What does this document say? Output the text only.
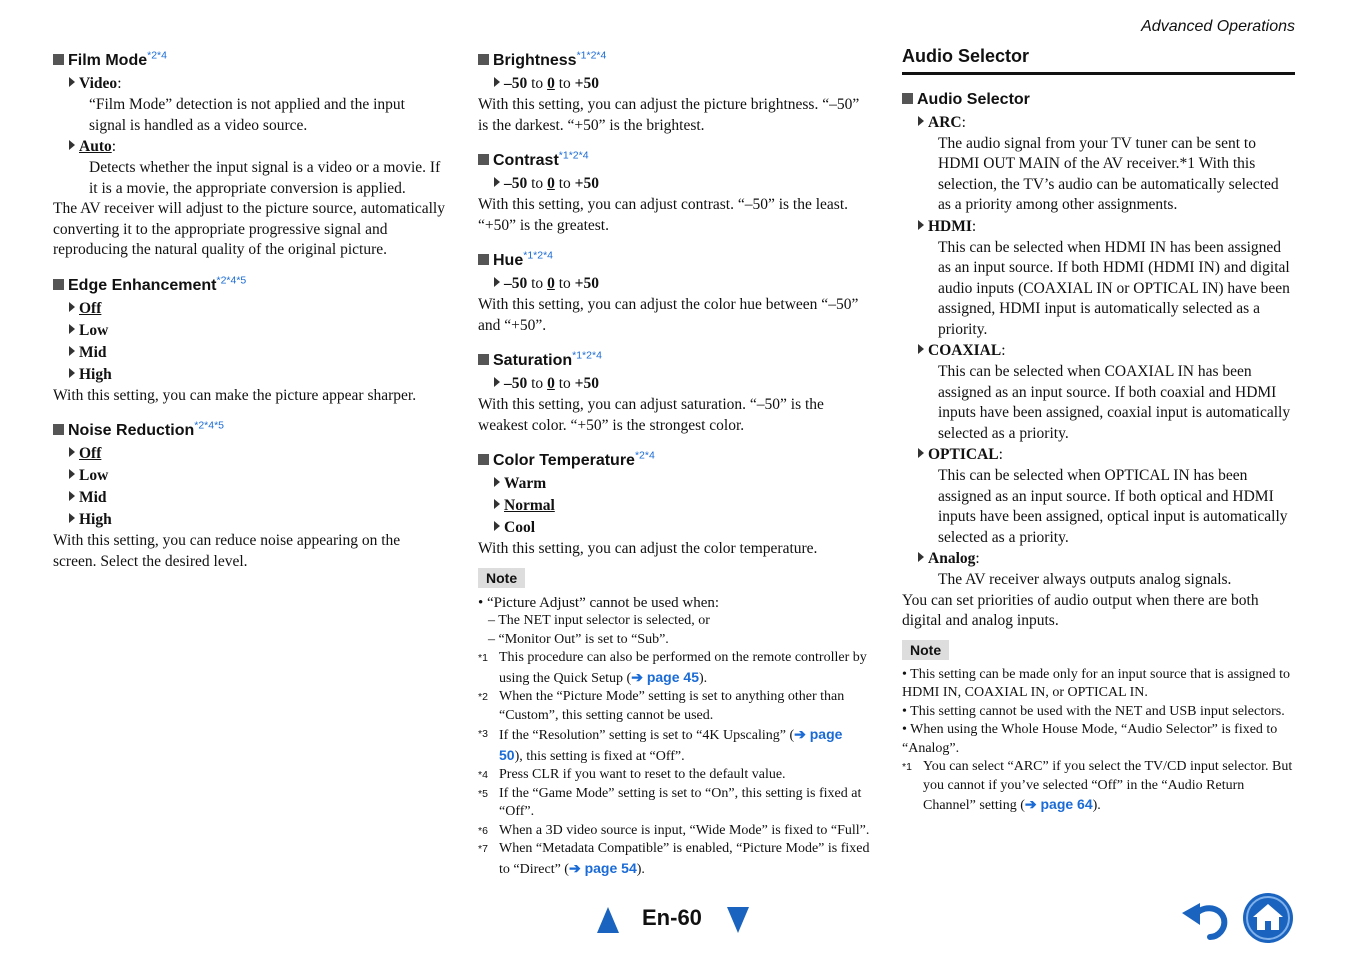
Advanced Operations
Film Mode$^{*2*4}$
Video:
“Film Mode” detection is not applied and the input signal is handled as a video source.
Auto:
Detects whether the input signal is a video or a movie. If it is a movie, the appropriate conversion is applied.

The AV receiver will adjust to the picture source, automatically converting it to the appropriate progressive signal and reproducing the natural quality of the original picture.

Edge Enhancement$^{*2*4*5}$
Off
Low
Mid
High

With this setting, you can make the picture appear sharper.

Noise Reduction$^{*2*4*5}$
Off
Low
Mid
High

With this setting, you can reduce noise appearing on the screen. Select the desired level.

Brightness$^{*1*2*4}$
–50 to 0 to +50

With this setting, you can adjust the picture brightness. “–50” is the darkest. “+50” is the brightest.

Contrast$^{*1*2*4}$
–50 to 0 to +50

With this setting, you can adjust contrast. “–50” is the least. “+50” is the greatest.

Hue$^{*1*2*4}$
–50 to 0 to +50

With this setting, you can adjust the color hue between “–50” and “+50”.

Saturation$^{*1*2*4}$
–50 to 0 to +50

With this setting, you can adjust saturation. “–50” is the weakest color. “+50” is the strongest color.

Color Temperature$^{*2*4}$
Warm
Normal
Cool

With this setting, you can adjust the color temperature.

Note
• “Picture Adjust” cannot be used when:
– The NET input selector is selected, or
– “Monitor Out” is set to “Sub”.
*1 This procedure can also be performed on the remote controller by using the Quick Setup (➔ page 45).
*2 When the “Picture Mode” setting is set to anything other than “Custom”, this setting cannot be used.
*3 If the “Resolution” setting is set to “4K Upscaling” (➔ page 50), this setting is fixed at “Off”.
*4 Press CLR if you want to reset to the default value.
*5 If the “Game Mode” setting is set to “On”, this setting is fixed at “Off”.
*6 When a 3D video source is input, “Wide Mode” is fixed to “Full”.
*7 When “Metadata Compatible” is enabled, “Picture Mode” is fixed to “Direct” (➔ page 54).
Audio Selector
Audio Selector
ARC:
The audio signal from your TV tuner can be sent to HDMI OUT MAIN of the AV receiver.*1 With this selection, the TV’s audio can be automatically selected as a priority among other assignments.
HDMI:
This can be selected when HDMI IN has been assigned as an input source. If both HDMI (HDMI IN) and digital audio inputs (COAXIAL IN or OPTICAL IN) have been assigned, HDMI input is automatically selected as a priority.
COAXIAL:
This can be selected when COAXIAL IN has been assigned as an input source. If both coaxial and HDMI inputs have been assigned, coaxial input is automatically selected as a priority.
OPTICAL:
This can be selected when OPTICAL IN has been assigned as an input source. If both optical and HDMI inputs have been assigned, optical input is automatically selected as a priority.
Analog:
The AV receiver always outputs analog signals.

You can set priorities of audio output when there are both digital and analog inputs.

Note
• This setting can be made only for an input source that is assigned to HDMI IN, COAXIAL IN, or OPTICAL IN.
• This setting cannot be used with the NET and USB input selectors.
• When using the Whole House Mode, “Audio Selector” is fixed to “Analog”.
*1 You can select “ARC” if you select the TV/CD input selector. But you cannot if you’ve selected “Off” in the “Audio Return Channel” setting (➔ page 64).
En-60
